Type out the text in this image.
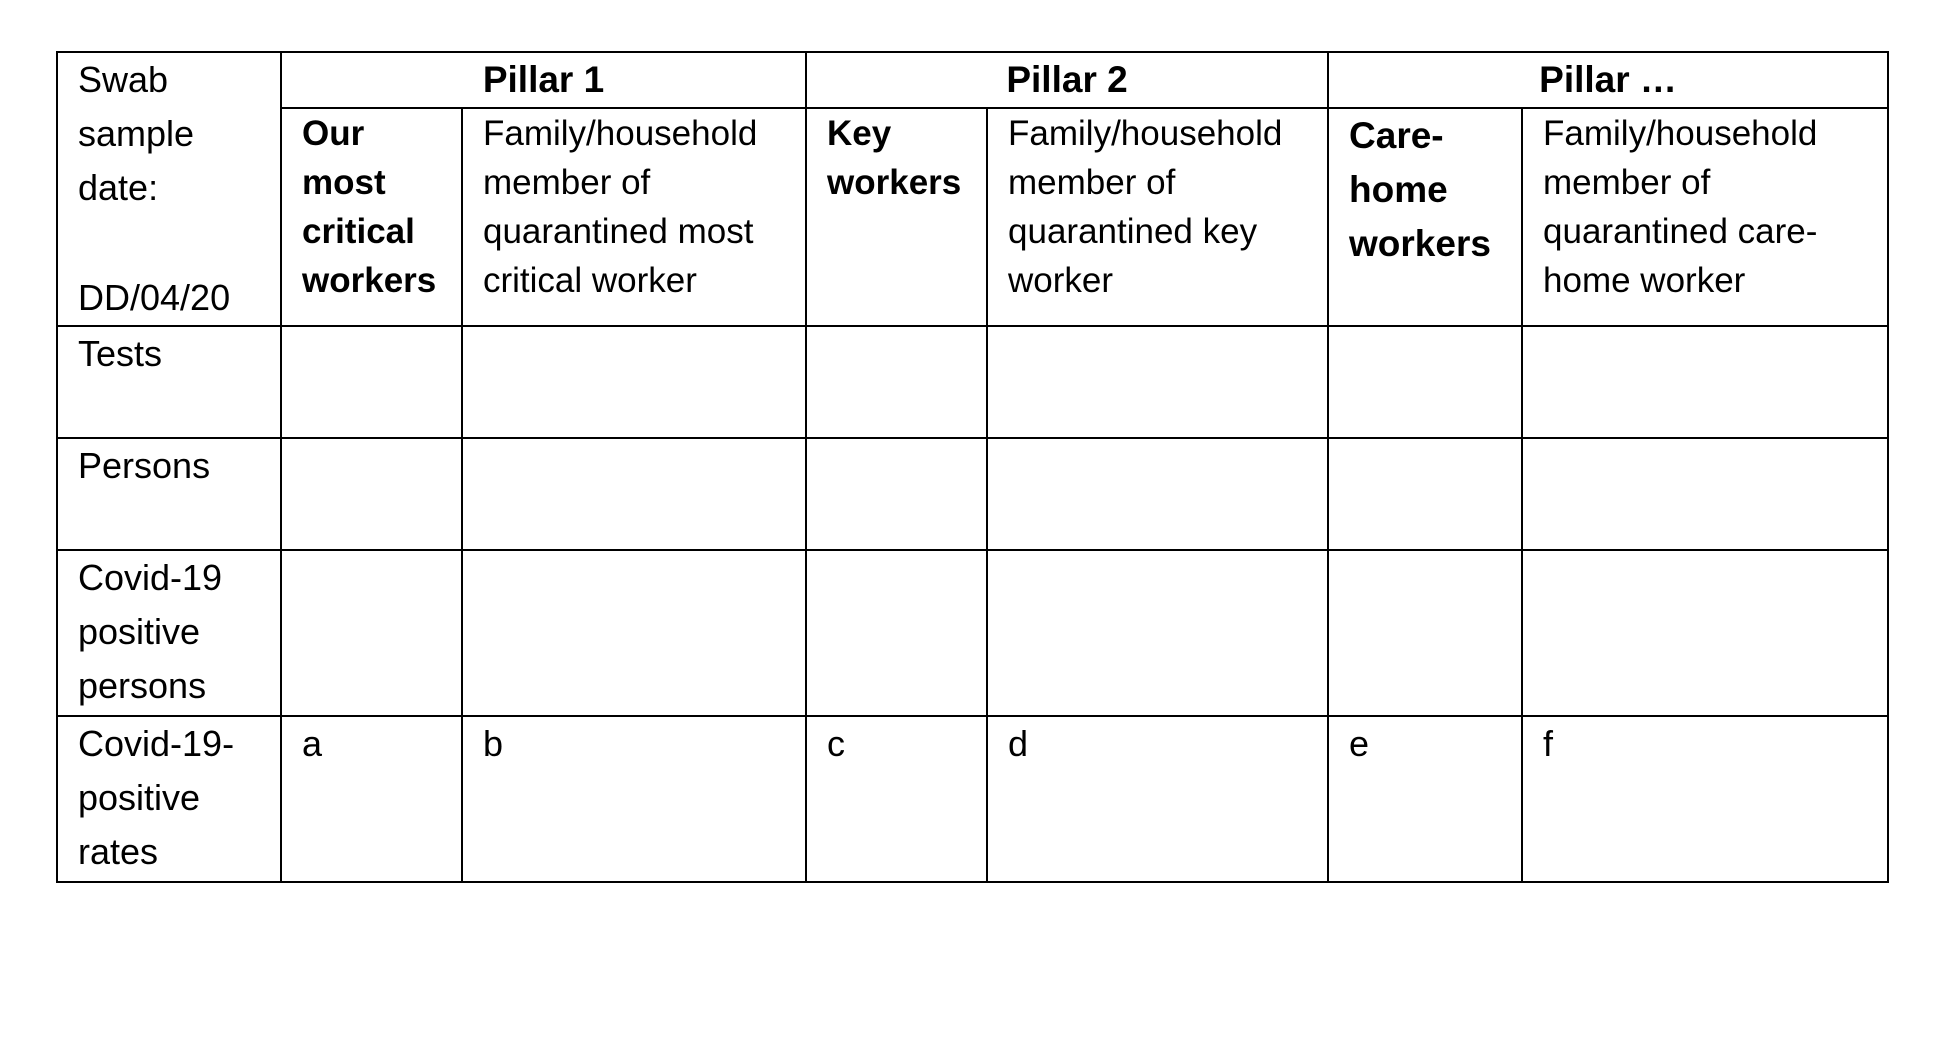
Swab
sample
date:
DD/04/20	Pillar 1		Pillar 2		Pillar …	
	Our most critical workers	Family/household member of quarantined most critical worker	Key workers	Family/household member of quarantined key worker	Care-home workers	Family/household member of quarantined care-home worker
Tests						
Persons						
Covid-19 positive persons						
Covid-19-positive rates	a	b	c	d	e	f
